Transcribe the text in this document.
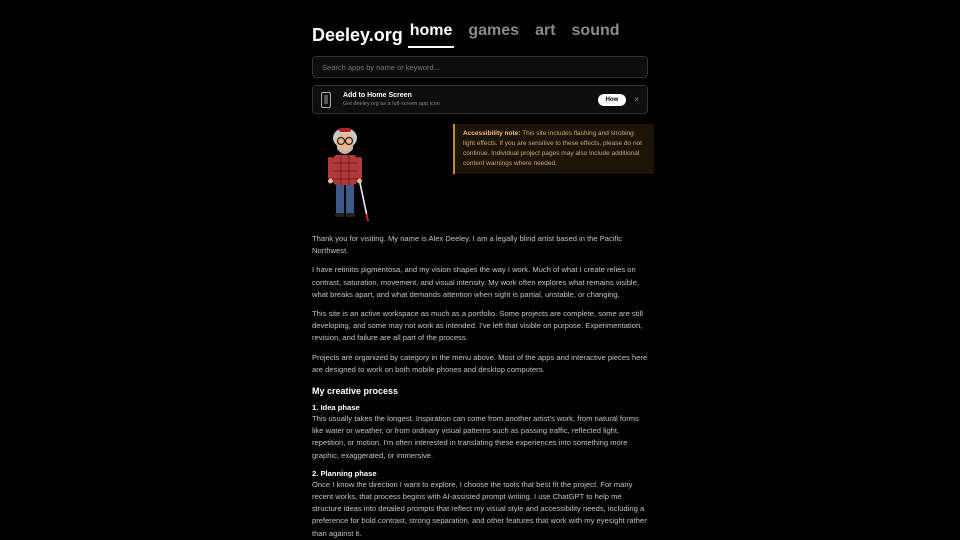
Deeley.org home games art sound
Search apps by name or keyword...
Add to Home Screen
Get deeley.org as a full-screen app icon
How	×
Accessibility note: This site includes flashing and strobing light effects. If you are sensitive to these effects, please do not continue. Individual project pages may also include additional content warnings where needed.

Thank you for visiting. My name is Alex Deeley. I am a legally blind artist based in the Pacific Northwest.

I have retinitis pigmentosa, and my vision shapes the way I work. Much of what I create relies on contrast, saturation, movement, and visual intensity. My work often explores what remains visible, what breaks apart, and what demands attention when sight is partial, unstable, or changing.

This site is an active workspace as much as a portfolio. Some projects are complete, some are still developing, and some may not work as intended. I've left that visible on purpose. Experimentation, revision, and failure are all part of the process.

Projects are organized by category in the menu above. Most of the apps and interactive pieces here are designed to work on both mobile phones and desktop computers.

My creative process
1. Idea phase

This usually takes the longest. Inspiration can come from another artist's work, from natural forms like water or weather, or from ordinary visual patterns such as passing traffic, reflected light, repetition, or motion. I'm often interested in translating these experiences into something more graphic, exaggerated, or immersive.

2. Planning phase

Once I know the direction I want to explore, I choose the tools that best fit the project. For many recent works, that process begins with AI-assisted prompt writing. I use ChatGPT to help me structure ideas into detailed prompts that reflect my visual style and accessibility needs, including a preference for bold contrast, strong separation, and other features that work with my eyesight rather than against it.
